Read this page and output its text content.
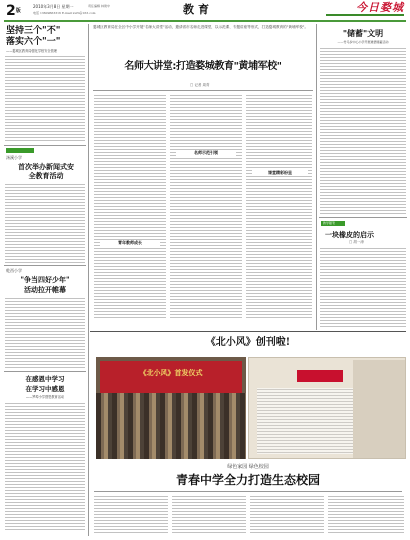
$2^版$
2010年3月8日 星期一	责任编辑 林建中
电话 13609663316 E-mail xxrb@163.com	教育	今日婺城
坚持三个"不"
落实六个"一"
——婺城区教育局强化学校安全管理
汤溪小学
首次举办新闻式安全教育活动
乾西小学
"争当四好少年"
活动拉开帷幕
在感恩中学习
在学习中感恩
——罗埠小学感恩教育活动
婺城区教育局在全区中小学开展"名师大讲堂"活动，邀请省市名师走进课堂，以示范课、专题讲座等形式，打造婺城教育的"黄埔军校"。
名师大讲堂:打造婺城教育"黄埔军校"
□ 记者 周青
名师示范引领
课堂精彩纷呈
青年教师成长
"储蓄"文明
——竹马乡中心小学开展道德储蓄活动
教学随笔
一块橡皮的启示
□ 胡一涛
《北小风》创刊啦!
《北小风》首发仪式
绿色家园 绿色校园
青春中学全力打造生态校园
